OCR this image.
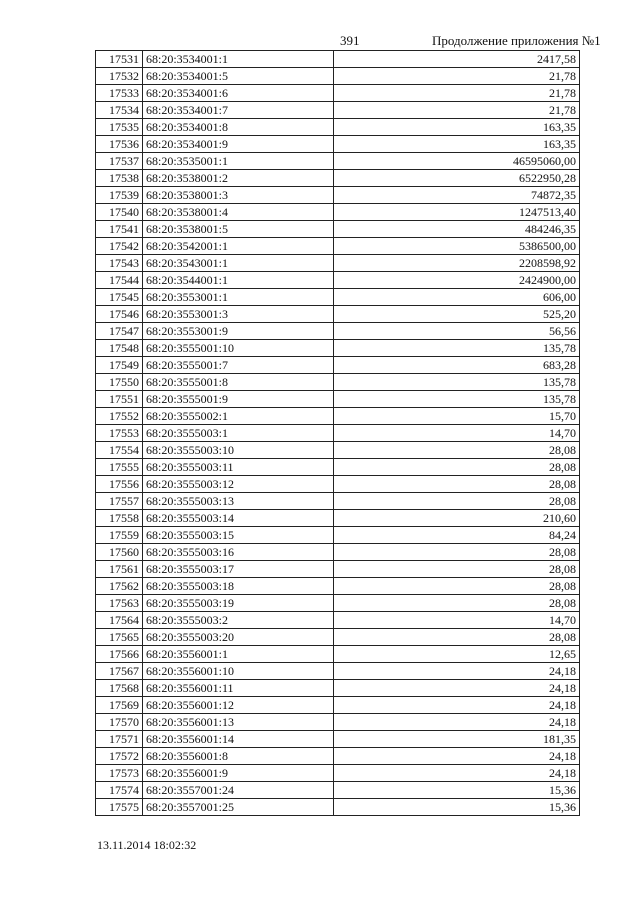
391	Продолжение приложения №1
17531	68:20:3534001:1	2417,58
17532	68:20:3534001:5	21,78
17533	68:20:3534001:6	21,78
17534	68:20:3534001:7	21,78
17535	68:20:3534001:8	163,35
17536	68:20:3534001:9	163,35
17537	68:20:3535001:1	46595060,00
17538	68:20:3538001:2	6522950,28
17539	68:20:3538001:3	74872,35
17540	68:20:3538001:4	1247513,40
17541	68:20:3538001:5	484246,35
17542	68:20:3542001:1	5386500,00
17543	68:20:3543001:1	2208598,92
17544	68:20:3544001:1	2424900,00
17545	68:20:3553001:1	606,00
17546	68:20:3553001:3	525,20
17547	68:20:3553001:9	56,56
17548	68:20:3555001:10	135,78
17549	68:20:3555001:7	683,28
17550	68:20:3555001:8	135,78
17551	68:20:3555001:9	135,78
17552	68:20:3555002:1	15,70
17553	68:20:3555003:1	14,70
17554	68:20:3555003:10	28,08
17555	68:20:3555003:11	28,08
17556	68:20:3555003:12	28,08
17557	68:20:3555003:13	28,08
17558	68:20:3555003:14	210,60
17559	68:20:3555003:15	84,24
17560	68:20:3555003:16	28,08
17561	68:20:3555003:17	28,08
17562	68:20:3555003:18	28,08
17563	68:20:3555003:19	28,08
17564	68:20:3555003:2	14,70
17565	68:20:3555003:20	28,08
17566	68:20:3556001:1	12,65
17567	68:20:3556001:10	24,18
17568	68:20:3556001:11	24,18
17569	68:20:3556001:12	24,18
17570	68:20:3556001:13	24,18
17571	68:20:3556001:14	181,35
17572	68:20:3556001:8	24,18
17573	68:20:3556001:9	24,18
17574	68:20:3557001:24	15,36
17575	68:20:3557001:25	15,36
13.11.2014 18:02:32
